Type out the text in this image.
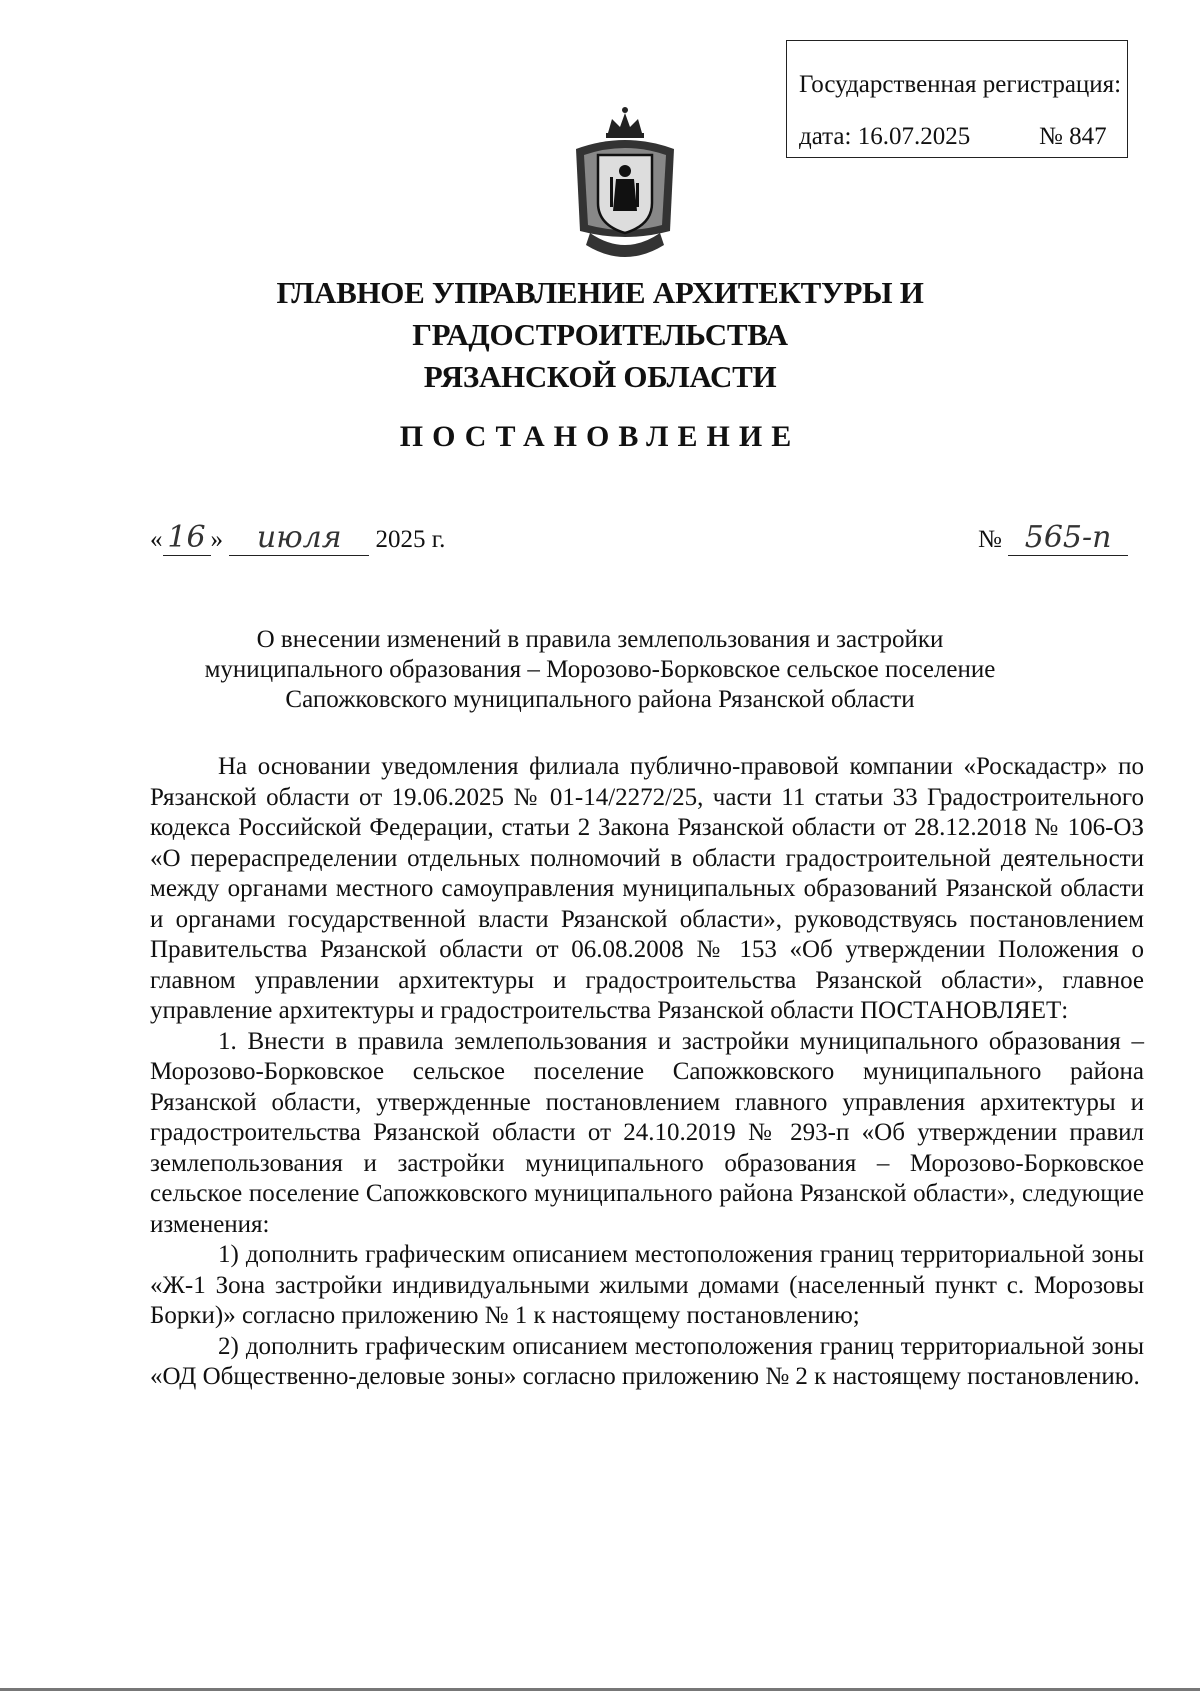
Государственная регистрация:
дата: 16.07.2025	№ 847
ГЛАВНОЕ УПРАВЛЕНИЕ АРХИТЕКТУРЫ И ГРАДОСТРОИТЕЛЬСТВА
РЯЗАНСКОЙ ОБЛАСТИ
ПОСТАНОВЛЕНИЕ
« 16 » июля 2025 г.	№ 565-п
О внесении изменений в правила землепользования и застройки
муниципального образования – Морозово-Борковское сельское поселение
Сапожковского муниципального района Рязанской области

На основании уведомления филиала публично-правовой компании «Роскадастр» по Рязанской области от 19.06.2025 № 01-14/2272/25, части 11 статьи 33 Градостроительного кодекса Российской Федерации, статьи 2 Закона Рязанской области от 28.12.2018 № 106-ОЗ «О перераспределении отдельных полномочий в области градостроительной деятельности между органами местного самоуправления муниципальных образований Рязанской области и органами государственной власти Рязанской области», руководствуясь постановлением Правительства Рязанской области от 06.08.2008 № 153 «Об утверждении Положения о главном управлении архитектуры и градостроительства Рязанской области», главное управление архитектуры и градостроительства Рязанской области ПОСТАНОВЛЯЕТ:

1. Внести в правила землепользования и застройки муниципального образования – Морозово-Борковское сельское поселение Сапожковского муниципального района Рязанской области, утвержденные постановлением главного управления архитектуры и градостроительства Рязанской области от 24.10.2019 № 293-п «Об утверждении правил землепользования и застройки муниципального образования – Морозово-Борковское сельское поселение Сапожковского муниципального района Рязанской области», следующие изменения:

1) дополнить графическим описанием местоположения границ территориальной зоны «Ж-1 Зона застройки индивидуальными жилыми домами (населенный пункт с. Морозовы Борки)» согласно приложению № 1 к настоящему постановлению;

2) дополнить графическим описанием местоположения границ территориальной зоны «ОД Общественно-деловые зоны» согласно приложению № 2 к настоящему постановлению.
